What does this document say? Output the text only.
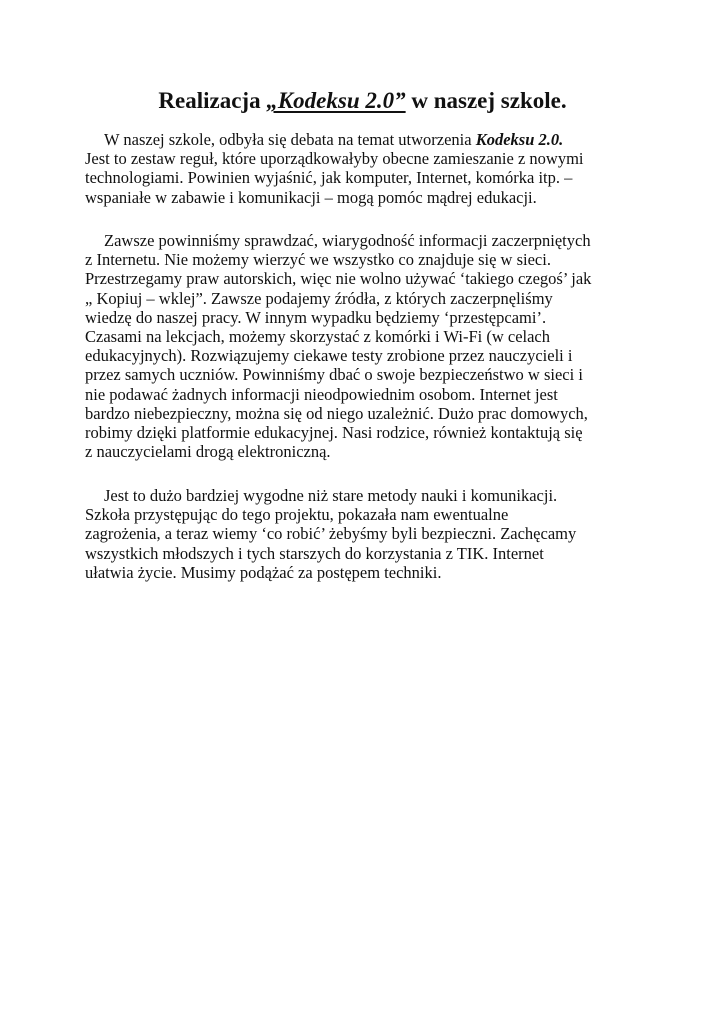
Realizacja „Kodeksu 2.0” w naszej szkole.
W naszej szkole, odbyła się debata na temat utworzenia Kodeksu 2.0.
Jest to zestaw reguł, które uporządkowałyby obecne zamieszanie z nowymi
technologiami. Powinien wyjaśnić, jak komputer, Internet, komórka itp. –
wspaniałe w zabawie i komunikacji – mogą pomóc mądrej edukacji.
Zawsze powinniśmy sprawdzać, wiarygodność informacji zaczerpniętych
z Internetu. Nie możemy wierzyć we wszystko co znajduje się w sieci.
Przestrzegamy praw autorskich, więc nie wolno używać ‘takiego czegoś’ jak
„ Kopiuj – wklej”. Zawsze podajemy źródła, z których zaczerpnęliśmy
wiedzę do naszej pracy. W innym wypadku będziemy ‘przestępcami’.
Czasami na lekcjach, możemy skorzystać z komórki i Wi-Fi (w celach
edukacyjnych). Rozwiązujemy ciekawe testy zrobione przez nauczycieli i
przez samych uczniów. Powinniśmy dbać o swoje bezpieczeństwo w sieci i
nie podawać żadnych informacji nieodpowiednim osobom. Internet jest
bardzo niebezpieczny, można się od niego uzależnić. Dużo prac domowych,
robimy dzięki platformie edukacyjnej. Nasi rodzice, również kontaktują się
z nauczycielami drogą elektroniczną.
Jest to dużo bardziej wygodne niż stare metody nauki i komunikacji.
Szkoła przystępując do tego projektu, pokazała nam ewentualne
zagrożenia, a teraz wiemy ‘co robić’ żebyśmy byli bezpieczni. Zachęcamy
wszystkich młodszych i tych starszych do korzystania z TIK. Internet
ułatwia życie. Musimy podążać za postępem techniki.
